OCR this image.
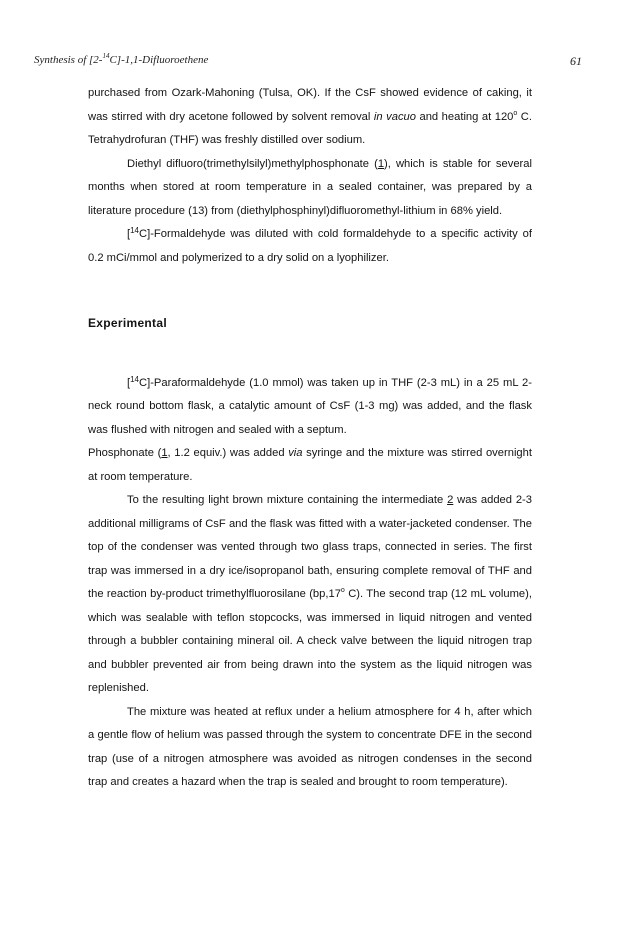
Synthesis of [2-$^{14}$C]-1,1-Difluoroethene	61

purchased from Ozark-Mahoning (Tulsa, OK). If the CsF showed evidence of caking, it was stirred with dry acetone followed by solvent removal in vacuo and heating at 120$^o$ C. Tetrahydrofuran (THF) was freshly distilled over sodium.

Diethyl difluoro(trimethylsilyl)methylphosphonate (1), which is stable for several months when stored at room temperature in a sealed container, was prepared by a literature procedure (13) from (diethylphosphinyl)difluoromethyl-lithium in 68% yield.

[$^{14}$C]-Formaldehyde was diluted with cold formaldehyde to a specific activity of 0.2 mCi/mmol and polymerized to a dry solid on a lyophilizer.

Experimental

[$^{14}$C]-Paraformaldehyde (1.0 mmol) was taken up in THF (2-3 mL) in a 25 mL 2-neck round bottom flask, a catalytic amount of CsF (1-3 mg) was added, and the flask was flushed with nitrogen and sealed with a septum.

Phosphonate (1, 1.2 equiv.) was added via syringe and the mixture was stirred overnight at room temperature.

To the resulting light brown mixture containing the intermediate 2 was added 2-3 additional milligrams of CsF and the flask was fitted with a water-jacketed condenser. The top of the condenser was vented through two glass traps, connected in series. The first trap was immersed in a dry ice/isopropanol bath, ensuring complete removal of THF and the reaction by-product trimethylfluorosilane (bp,17$^o$ C). The second trap (12 mL volume), which was sealable with teflon stopcocks, was immersed in liquid nitrogen and vented through a bubbler containing mineral oil. A check valve between the liquid nitrogen trap and bubbler prevented air from being drawn into the system as the liquid nitrogen was replenished.

The mixture was heated at reflux under a helium atmosphere for 4 h, after which a gentle flow of helium was passed through the system to concentrate DFE in the second trap (use of a nitrogen atmosphere was avoided as nitrogen condenses in the second trap and creates a hazard when the trap is sealed and brought to room temperature).
